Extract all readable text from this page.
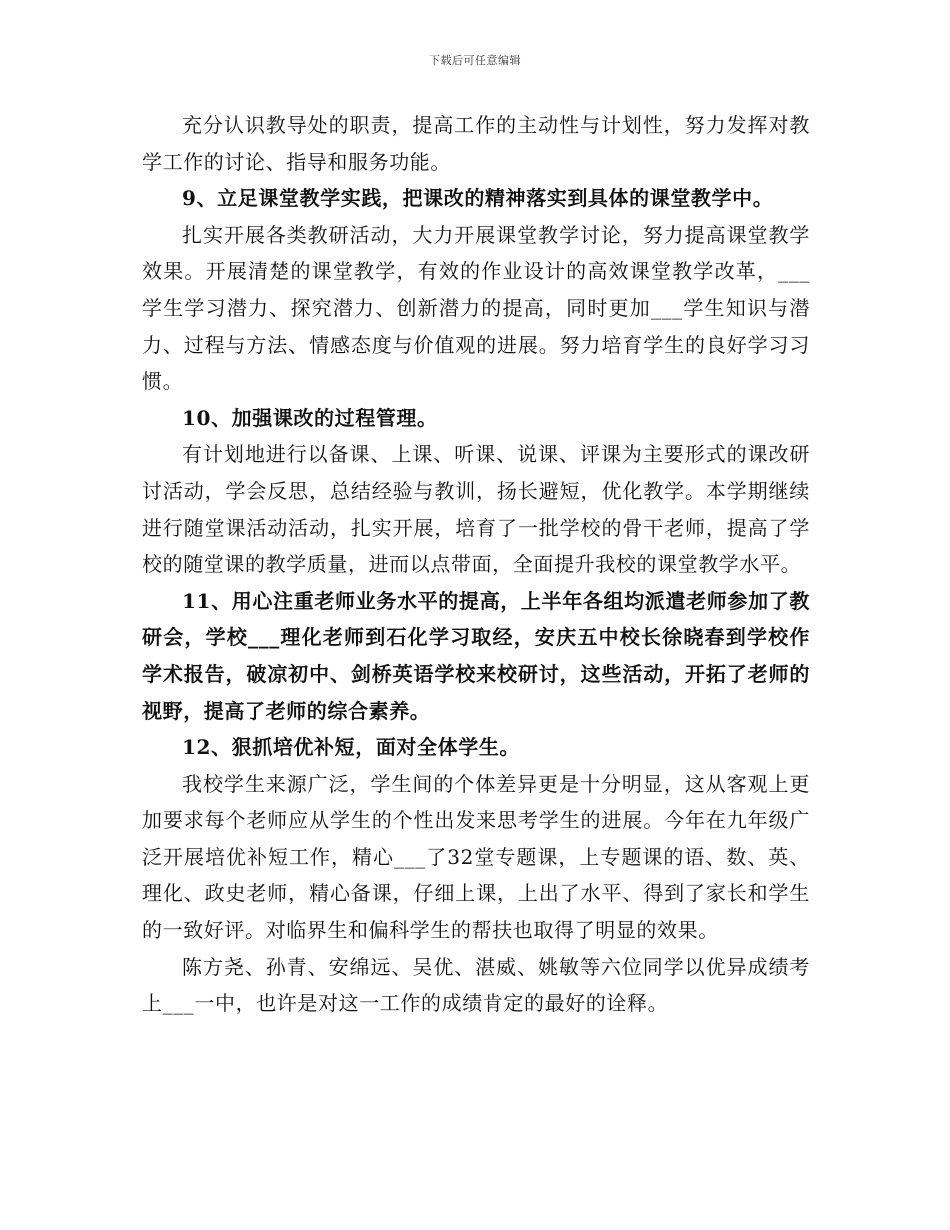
下载后可任意编辑

充分认识教导处的职责，提高工作的主动性与计划性，努力发挥对教学工作的讨论、指导和服务功能。

9、立足课堂教学实践，把课改的精神落实到具体的课堂教学中。

扎实开展各类教研活动，大力开展课堂教学讨论，努力提高课堂教学效果。开展清楚的课堂教学，有效的作业设计的高效课堂教学改革，___学生学习潜力、探究潜力、创新潜力的提高，同时更加___学生知识与潜力、过程与方法、情感态度与价值观的进展。努力培育学生的良好学习习惯。

10、加强课改的过程管理。

有计划地进行以备课、上课、听课、说课、评课为主要形式的课改研讨活动，学会反思，总结经验与教训，扬长避短，优化教学。本学期继续进行随堂课活动活动，扎实开展，培育了一批学校的骨干老师，提高了学校的随堂课的教学质量，进而以点带面，全面提升我校的课堂教学水平。

11、用心注重老师业务水平的提高，上半年各组均派遣老师参加了教研会，学校___理化老师到石化学习取经，安庆五中校长徐晓春到学校作学术报告，破凉初中、剑桥英语学校来校研讨，这些活动，开拓了老师的视野，提高了老师的综合素养。

12、狠抓培优补短，面对全体学生。

我校学生来源广泛，学生间的个体差异更是十分明显，这从客观上更加要求每个老师应从学生的个性出发来思考学生的进展。今年在九年级广泛开展培优补短工作，精心___了32堂专题课，上专题课的语、数、英、理化、政史老师，精心备课，仔细上课，上出了水平、得到了家长和学生的一致好评。对临界生和偏科学生的帮扶也取得了明显的效果。

陈方尧、孙青、安绵远、吴优、湛威、姚敏等六位同学以优异成绩考上___一中，也许是对这一工作的成绩肯定的最好的诠释。
